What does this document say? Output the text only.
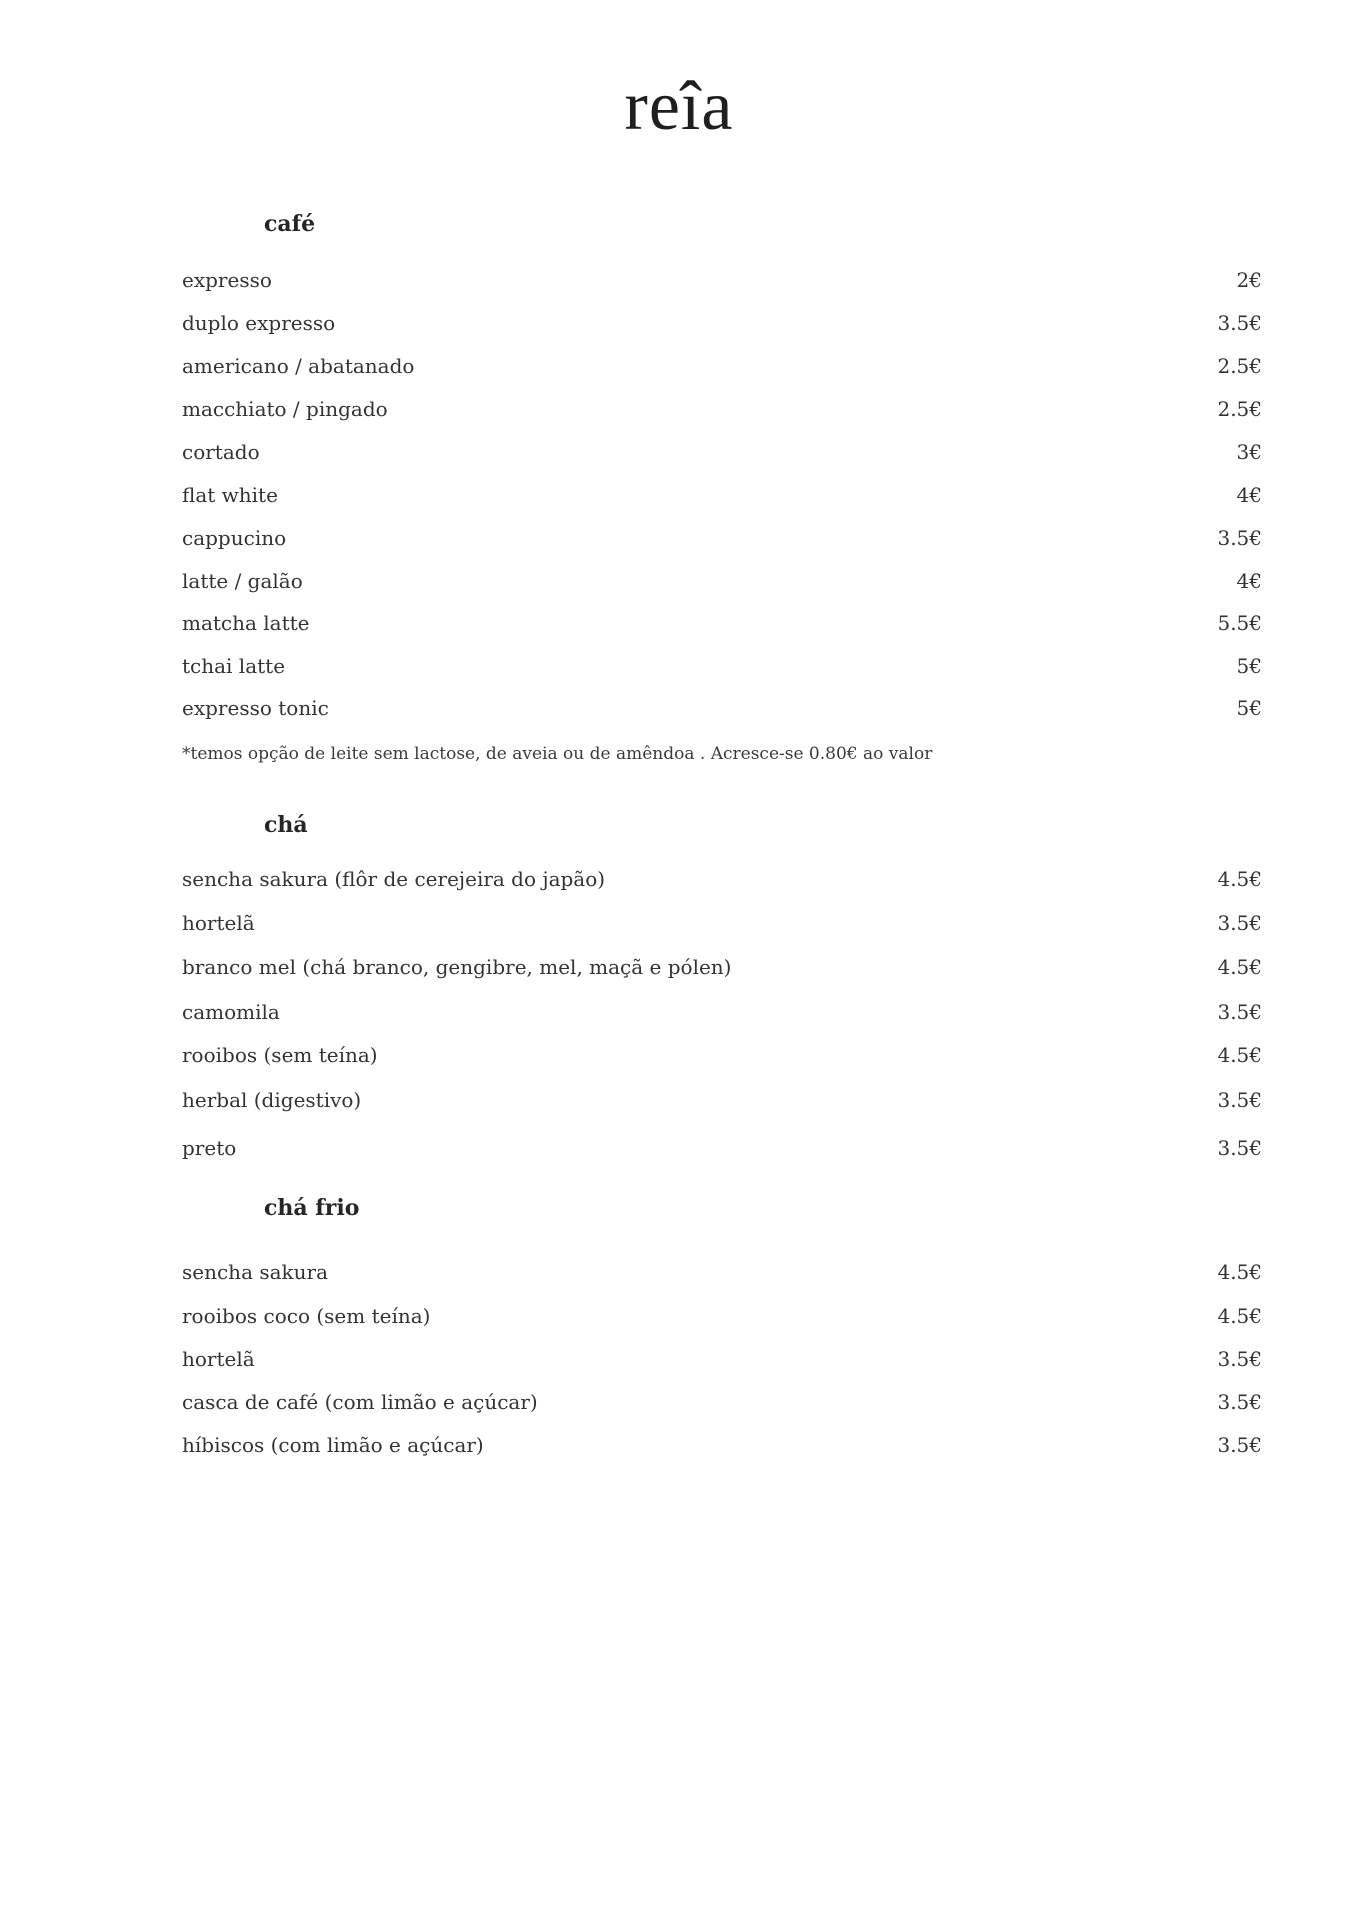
reîa
café
expresso	2€
duplo expresso	3.5€
americano / abatanado	2.5€
macchiato / pingado	2.5€
cortado	3€
flat white	4€
cappucino	3.5€
latte / galão	4€
matcha latte	5.5€
tchai latte	5€
expresso tonic	5€
*temos opção de leite sem lactose, de aveia ou de amêndoa . Acresce-se 0.80€ ao valor
chá
sencha sakura (flôr de cerejeira do japão)	4.5€
hortelã	3.5€
branco mel (chá branco, gengibre, mel, maçã e pólen)	4.5€
camomila	3.5€
rooibos (sem teína)	4.5€
herbal (digestivo)	3.5€
preto	3.5€
chá frio
sencha sakura	4.5€
rooibos coco (sem teína)	4.5€
hortelã	3.5€
casca de café (com limão e açúcar)	3.5€
híbiscos (com limão e açúcar)	3.5€
